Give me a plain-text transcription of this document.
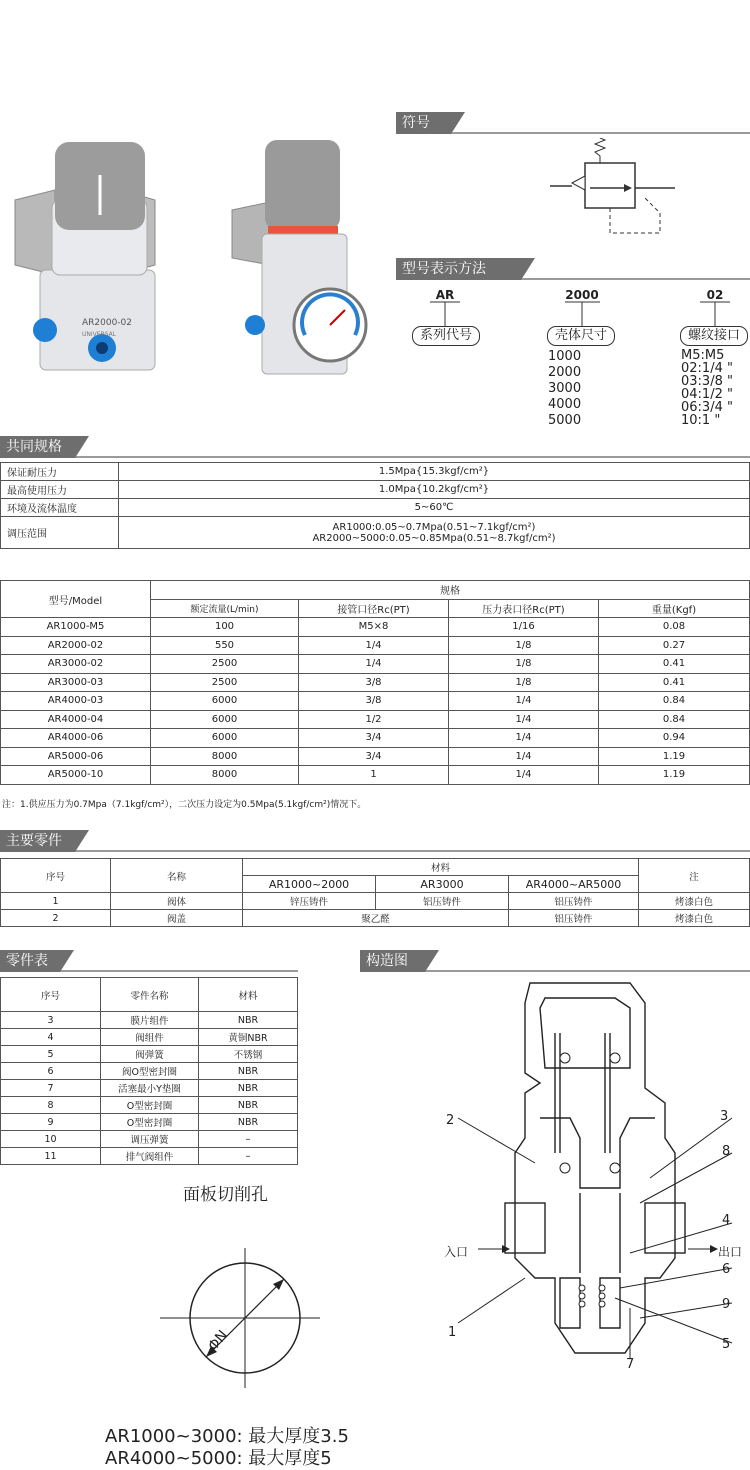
AR2000-02
UNIVERSAL
符号
型号表示方法
AR	2000	02
系列代号	壳体尺寸	螺纹接口
1000
2000
3000
4000
5000
M5:M5
02:1/4 "
03:3/8 "
04:1/2 "
06:3/4 "
10:1 "
共同规格
保证耐压力	1.5Mpa{15.3kgf/cm²}
最高使用压力	1.0Mpa{10.2kgf/cm²}
环境及流体温度	5~60℃
调压范围	AR1000:0.05~0.7Mpa(0.51~7.1kgf/cm²)
AR2000~5000:0.05~0.85Mpa(0.51~8.7kgf/cm²)
型号/Model	规格			
	额定流量(L/min)	接管口径Rc(PT)	压力表口径Rc(PT)	重量(Kgf)
AR1000-M5	100	M5×8	1/16	0.08
AR2000-02	550	1/4	1/8	0.27
AR3000-02	2500	1/4	1/8	0.41
AR3000-03	2500	3/8	1/8	0.41
AR4000-03	6000	3/8	1/4	0.84
AR4000-04	6000	1/2	1/4	0.84
AR4000-06	6000	3/4	1/4	0.94
AR5000-06	8000	3/4	1/4	1.19
AR5000-10	8000	1	1/4	1.19
注：1.供应压力为0.7Mpa（7.1kgf/cm²），二次压力设定为0.5Mpa(5.1kgf/cm²)情况下。
主要零件
序号	名称	材料			注
		AR1000~2000	AR3000	AR4000~AR5000	
1	阀体	锌压铸件	铝压铸件	铝压铸件	烤漆白色
2	阀盖	聚乙醛		铝压铸件	烤漆白色
零件表
序号	零件名称	材料
3	膜片组件	NBR
4	阀组件	黄铜NBR
5	阀弹簧	不锈钢
6	阀O型密封圈	NBR
7	活塞最小Y垫圈	NBR
8	O型密封圈	NBR
9	O型密封圈	NBR
10	调压弹簧	–
11	排气阀组件	–
面板切削孔
ΦN
AR1000~3000: 最大厚度3.5
AR4000~5000: 最大厚度5
构造图
入口	出口
1
2	3
4
5
6
7
8
9
